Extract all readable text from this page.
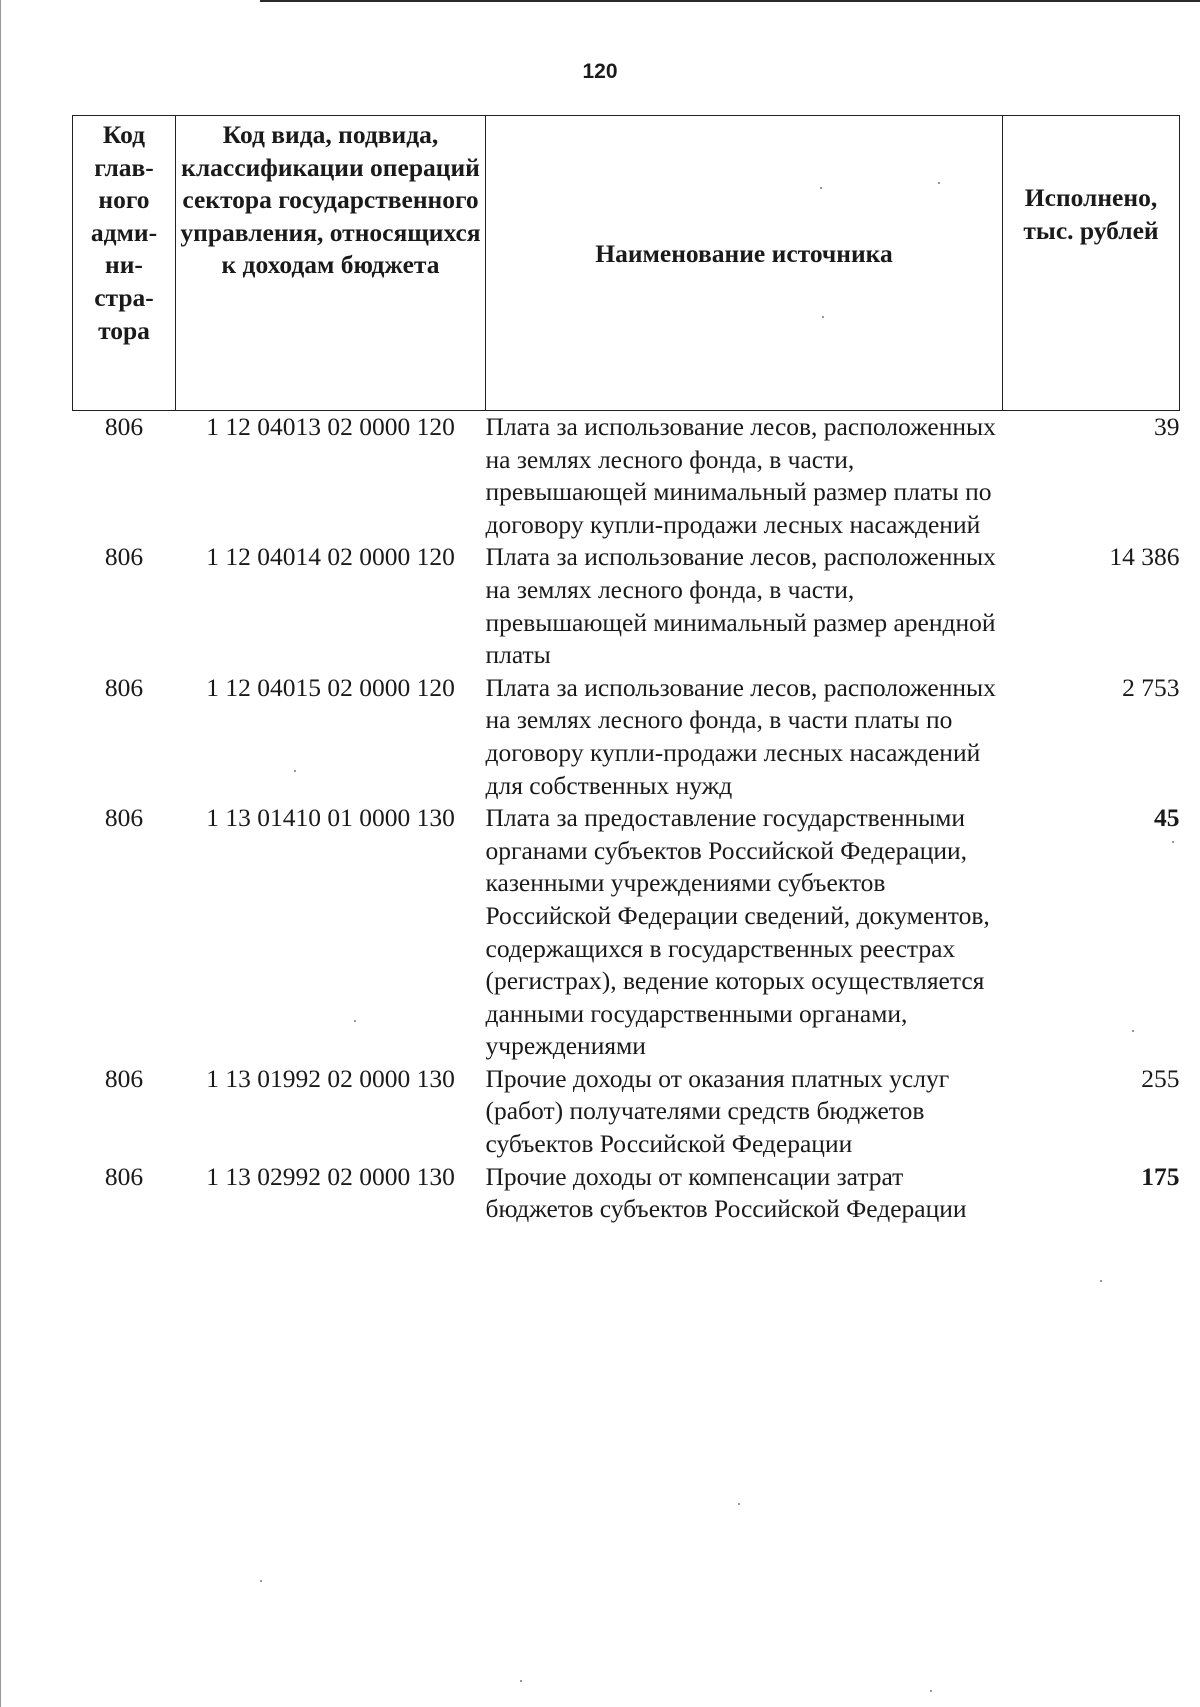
120
Код глав-ного адми-ни-стра-тора	Код вида, подвида, классификации операций сектора государственного управления, относящихся к доходам бюджета	Наименование источника	Исполнено, тыс. рублей
806	1 12 04013 02 0000 120	Плата за использование лесов, расположенных на землях лесного фонда, в части, превышающей минимальный размер платы по договору купли-продажи лесных насаждений	39
806	1 12 04014 02 0000 120	Плата за использование лесов, расположенных на землях лесного фонда, в части, превышающей минимальный размер арендной платы	14 386
806	1 12 04015 02 0000 120	Плата за использование лесов, расположенных на землях лесного фонда, в части платы по договору купли-продажи лесных насаждений для собственных нужд	2 753
806	1 13 01410 01 0000 130	Плата за предоставление государственными органами субъектов Российской Федерации, казенными учреждениями субъектов Российской Федерации сведений, документов, содержащихся в государственных реестрах (регистрах), ведение которых осуществляется данными государственными органами, учреждениями	45
806	1 13 01992 02 0000 130	Прочие доходы от оказания платных услуг (работ) получателями средств бюджетов субъектов Российской Федерации	255
806	1 13 02992 02 0000 130	Прочие доходы от компенсации затрат бюджетов субъектов Российской Федерации	175
